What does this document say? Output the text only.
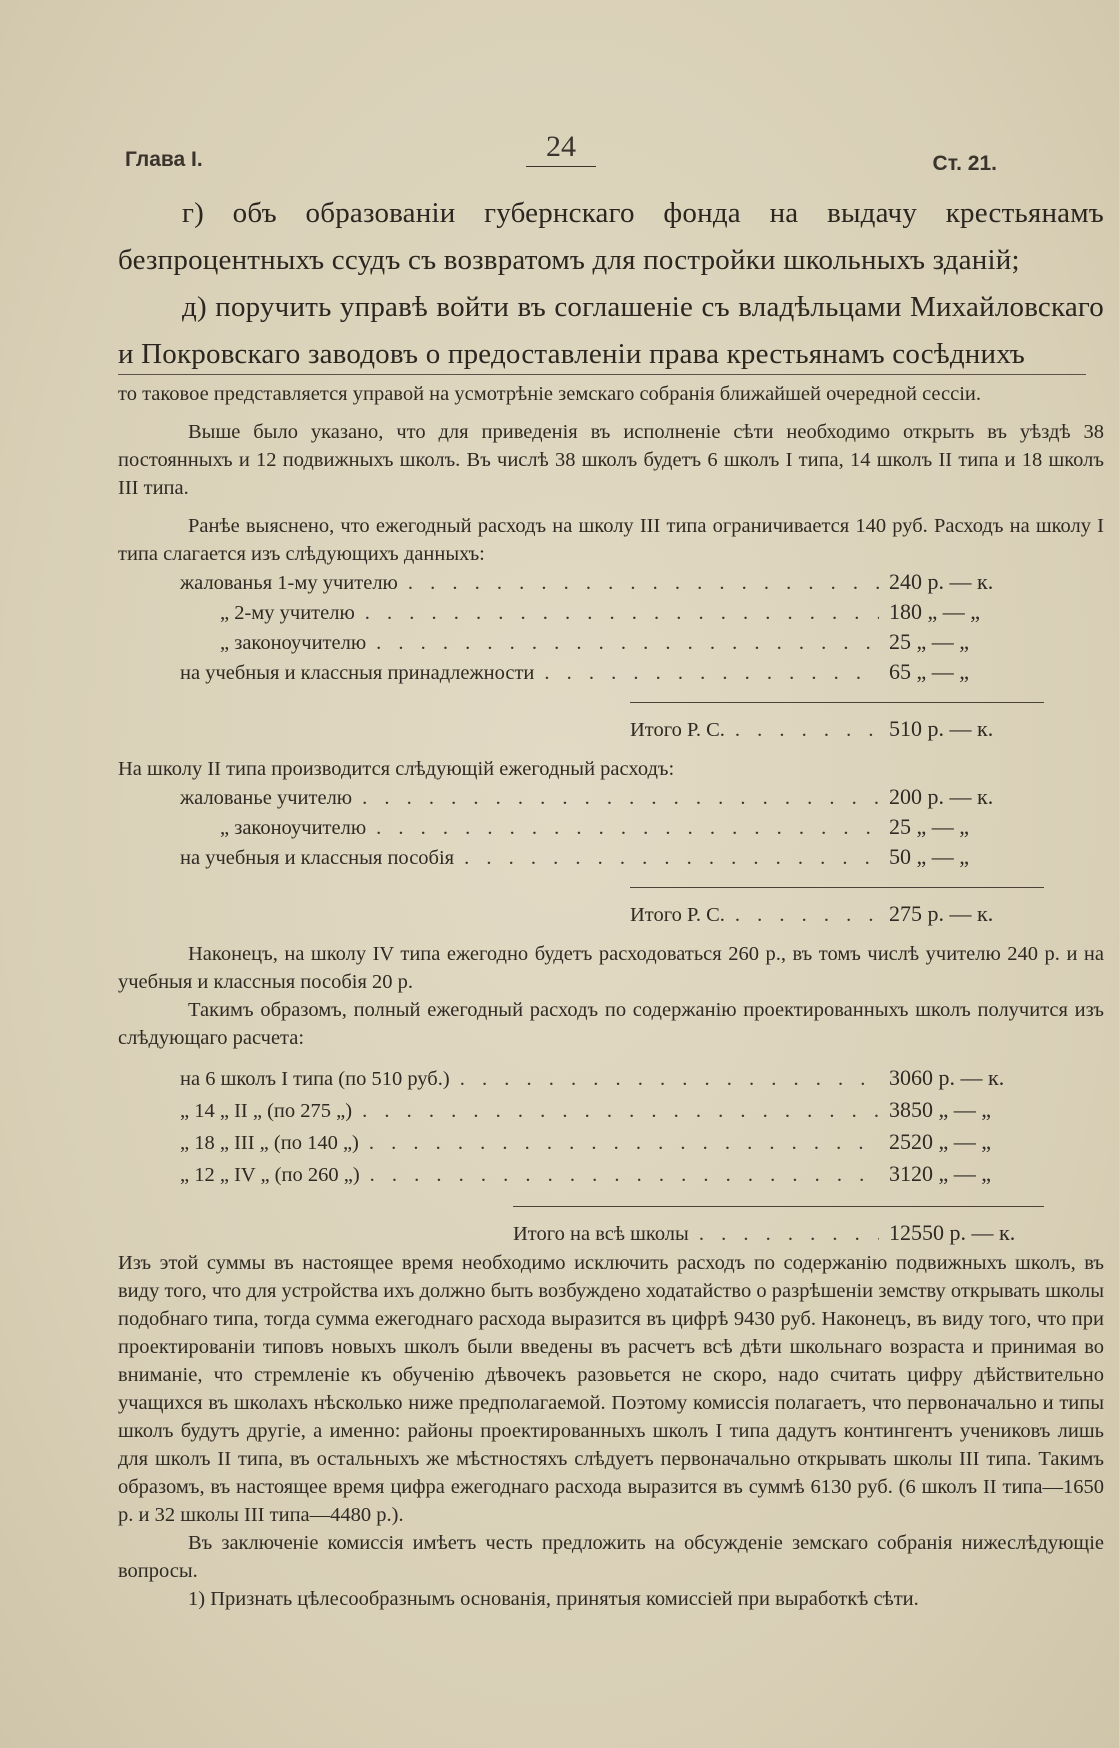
Глава I.	24
Ст. 21.

г) объ образованіи губернскаго фонда на выдачу крестьянамъ безпроцентныхъ ссудъ съ возвратомъ для постройки школьныхъ зданій;

д) поручить управѣ войти въ соглашеніе съ владѣльцами Михайловскаго и Покровскаго заводовъ о предоставленіи права крестьянамъ сосѣднихъ

то таковое представляется управой на усмотрѣніе земскаго собранія ближайшей очередной сессіи.

Выше было указано, что для приведенія въ исполненіе сѣти необходимо открыть въ уѣздѣ 38 постоянныхъ и 12 подвижныхъ школъ. Въ числѣ 38 школъ будетъ 6 школъ I типа, 14 школъ II типа и 18 школъ III типа.

Ранѣе выяснено, что ежегодный расходъ на школу III типа ограничивается 140 руб. Расходъ на школу I типа слагается изъ слѣдующихъ данныхъ:

жалованья 1-му учителю . . .	240 р. — к.
„ 2-му учителю . . .	180 „ — „
„ законоучителю . . .	25 „ — „
на учебныя и классныя принадлежности . . .	65 „ — „
Итого Р. С. . . .	510 р. — к.

На школу II типа производится слѣдующій ежегодный расходъ:

жалованье учителю . . .	200 р. — к.
„ законоучителю . . .	25 „ — „
на учебныя и классныя пособія . . .	50 „ — „
Итого Р. С. . . .	275 р. — к.

Наконецъ, на школу IV типа ежегодно будетъ расходоваться 260 р., въ томъ числѣ учителю 240 р. и на учебныя и классныя пособія 20 р.

Такимъ образомъ, полный ежегодный расходъ по содержанію проектированныхъ школъ получится изъ слѣдующаго расчета:

на 6 школъ I типа (по 510 руб.) . . .	3060 р. — к.
„ 14 „ II „ (по 275 „) . . .	3850 „ — „
„ 18 „ III „ (по 140 „) . . .	2520 „ — „
„ 12 „ IV „ (по 260 „) . . .	3120 „ — „
Итого на всѣ школы . . .	12550 р. — к.

Изъ этой суммы въ настоящее время необходимо исключить расходъ по содержанію подвижныхъ школъ, въ виду того, что для устройства ихъ должно быть возбуждено ходатайство о разрѣшеніи земству открывать школы подобнаго типа, тогда сумма ежегоднаго расхода выразится въ цифрѣ 9430 руб. Наконецъ, въ виду того, что при проектированіи типовъ новыхъ школъ были введены въ расчетъ всѣ дѣти школьнаго возраста и принимая во вниманіе, что стремленіе къ обученію дѣвочекъ разовьется не скоро, надо считать цифру дѣйствительно учащихся въ школахъ нѣсколько ниже предполагаемой. Поэтому комиссія полагаетъ, что первоначально и типы школъ будутъ другіе, а именно: районы проектированныхъ школъ I типа дадутъ контингентъ учениковъ лишь для школъ II типа, въ остальныхъ же мѣстностяхъ слѣдуетъ первоначально открывать школы III типа. Такимъ образомъ, въ настоящее время цифра ежегоднаго расхода выразится въ суммѣ 6130 руб. (6 школъ II типа—1650 р. и 32 школы III типа—4480 р.).

Въ заключеніе комиссія имѣетъ честь предложить на обсужденіе земскаго собранія нижеслѣдующіе вопросы.

1) Признать цѣлесообразнымъ основанія, принятыя комиссіей при выработкѣ сѣти.
